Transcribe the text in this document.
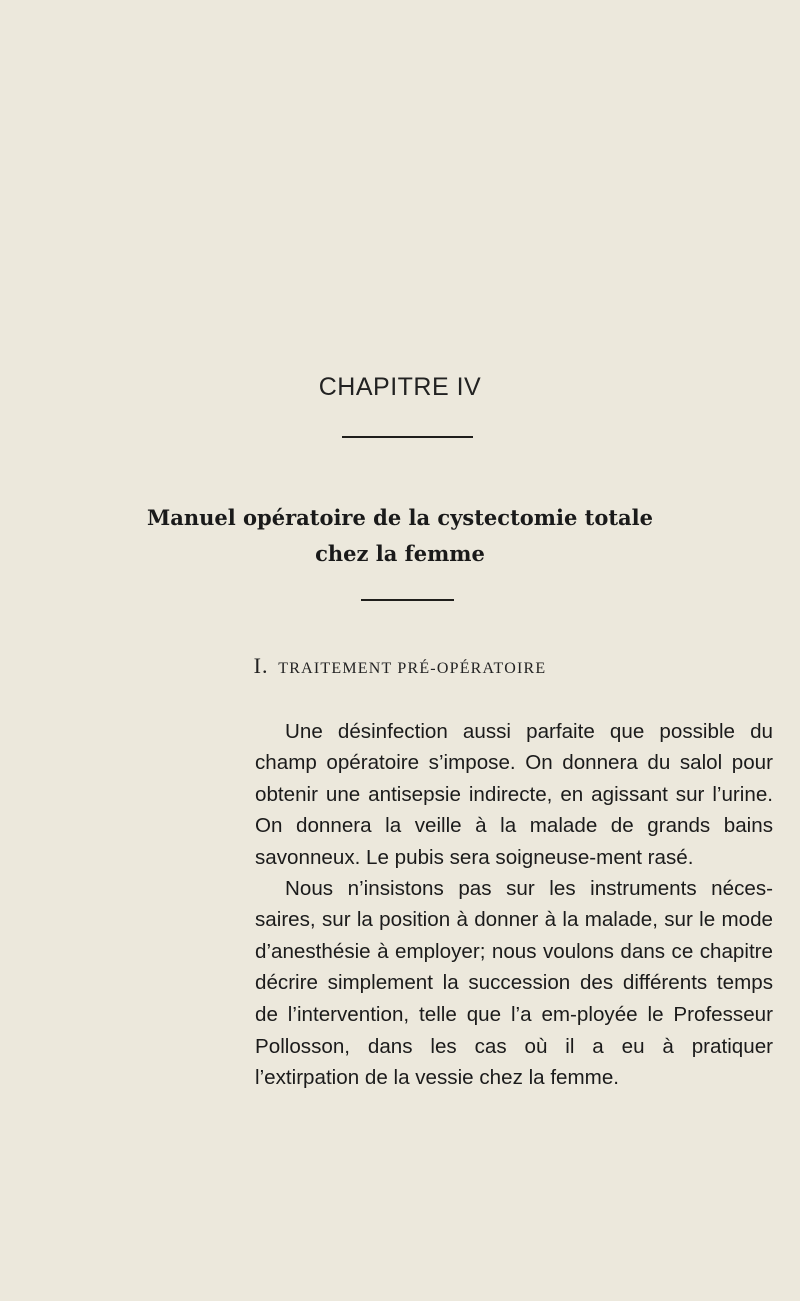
CHAPITRE IV
Manuel opératoire de la cystectomie totale
chez la femme
I. TRAITEMENT PRÉ-OPÉRATOIRE

Une désinfection aussi parfaite que possible du champ opératoire s’impose. On donnera du salol pour obtenir une antisepsie indirecte, en agissant sur l’urine. On donnera la veille à la malade de grands bains savonneux. Le pubis sera soigneuse-ment rasé.

Nous n’insistons pas sur les instruments néces-saires, sur la position à donner à la malade, sur le mode d’anesthésie à employer; nous voulons dans ce chapitre décrire simplement la succession des différents temps de l’intervention, telle que l’a em-ployée le Professeur Pollosson, dans les cas où il a eu à pratiquer l’extirpation de la vessie chez la femme.
